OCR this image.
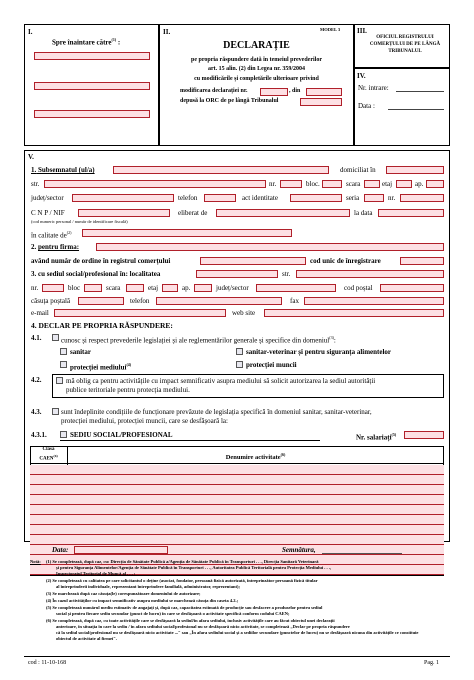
I.
Spre înaintare către$^{(1)}$ :
II.	MODEL 3
DECLARAȚIE
pe propria răspundere dată în temeiul prevederilor
art. 15 alin. (2) din Legea nr. 359/2004
cu modificările și completările ulterioare privind
modificarea declarației nr.	, din
depusă la ORC de pe lângă Tribunalul
III.
OFICIUL REGISTRULUI COMERȚULUI DE PE LÂNGĂ TRIBUNALUL
IV.
Nr. intrare:
Data :
V.
1. Subsemnatul (ul/a)	domiciliat în
str.	nr.	bloc.	scara	etaj	ap.
județ/sector	telefon	act identitate	seria	nr.
C N P / NIF
(cod numeric personal / număr de identificare fiscală)
eliberat de	la data
în calitate $de^{(2)}$
2. pentru firma:
având număr de ordine în registrul comerțului	cod unic de înregistrare
3. cu sediul social/profesional în: localitatea	str.
nr.	bloc	scara	etaj	ap.	județ/sector	cod poștal
căsuța poștală	telefon	fax
e-mail	web site
4. DECLAR PE PROPRIA RĂSPUNDERE:
4.1.	cunosc și respect prevederile legislației și ale reglementărilor generale și specifice din domeniul$^{(3)}$:
sanitar	sanitar-veterinar și pentru siguranța alimentelor
protecției mediului$^{(4)}$	protecției muncii
4.2.	mă oblig ca pentru activitățile cu impact semnificativ asupra mediului să solicit autorizarea la sediul autorității
publice teritoriale pentru protecția mediului.
4.3.	sunt îndeplinite condițiile de funcționare prevăzute de legislația specifică în domeniul sanitar, sanitar-veterinar,
protecției mediului, protecției muncii, care se desfășoară la:
4.3.1.	SEDIU SOCIAL/PROFESIONAL	Nr. salariați$^{(5)}$
Clasa
CAEN$^{(6)}$	Denumire activitate$^{(6)}$
Data:	Semnătura,
Notă: (1) Se completează, după caz, cu: Direcția de Sănătate Publică a/Agenția de Sănătate Publică în Transporturi . . ., Direcția Sanitară Veterinară
și pentru Siguranța Alimentelor/Agenția de Sănătate Publică în Transporturi . . ., Autoritatea Publică Teritorială pentru Protecția Mediului . . .,
Inspectoratul Teritorial de Muncă al . . . ;
(2) Se completează cu calitatea pe care solicitantul o deține (asociat, fondator, persoană fizică autorizată, întreprinzător persoană fizică titular
al întreprinderii individuale, reprezentant întreprindere familială, administrator, reprezentant);
(3) Se marchează după caz căsuța(le) corespunzătoare domeniului de autorizare;
(4) În cazul activităților cu impact semnificativ asupra mediului se marchează căsuța din caseta 4.2.;
(5) Se completează numărul mediu estimativ de angajați și, după caz, capacitatea estimată de producție sau desfacere a produselor pentru sediul
social și pentru fiecare sediu secundar (punct de lucru) în care se desfășoară o activitate specifică conform codului CAEN;
(6) Se completează, după caz, cu toate activitățile care se desfășoară la sediul/în afara sediului, inclusiv activitățile care au făcut obiectul unei declarații
anterioare, în situația în care la sediu / în afara sediului social/profesional nu se desfășoară nicio activitate, se completează „Declar pe propria răspundere
că la sediul social/profesional nu se desfășoară nicio activitate ..." sau „În afara sediului social și a sediilor secundare (punctelor de lucru) nu se desfășoară nicuna din activitățile ce constituie
obiectul de activitate al firmei".
cod : 11-10-168	Pag. 1
